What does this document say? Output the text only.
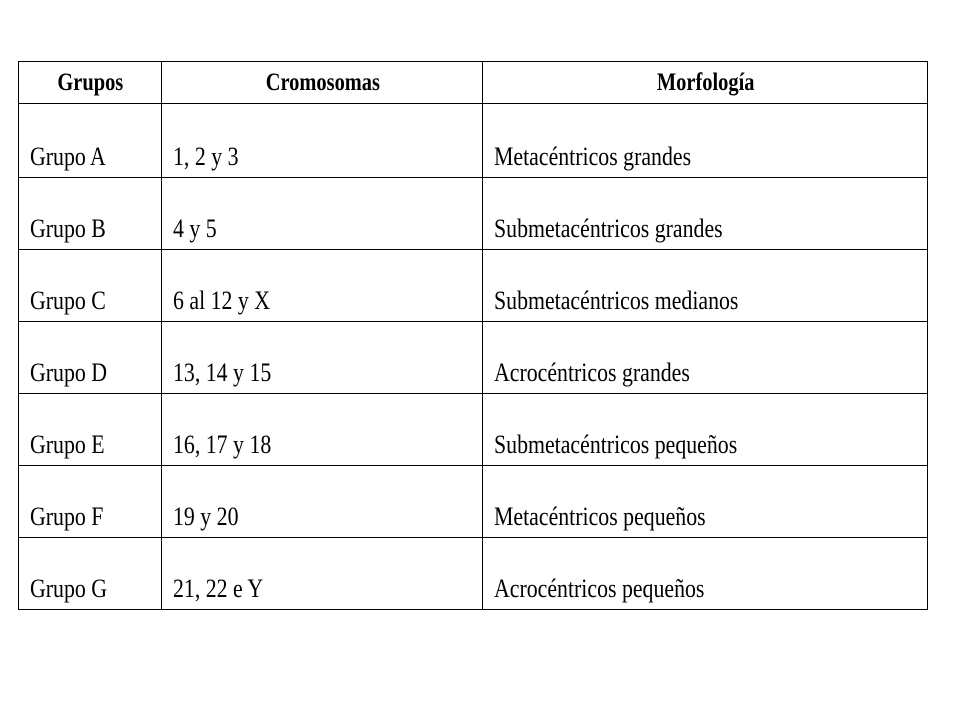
Grupos	Cromosomas	Morfología
Grupo A	1, 2 y 3	Metacéntricos grandes
Grupo B	4 y 5	Submetacéntricos grandes
Grupo C	6 al 12 y X	Submetacéntricos medianos
Grupo D	13, 14 y 15	Acrocéntricos grandes
Grupo E	16, 17 y 18	Submetacéntricos pequeños
Grupo F	19 y 20	Metacéntricos pequeños
Grupo G	21, 22 e Y	Acrocéntricos pequeños
